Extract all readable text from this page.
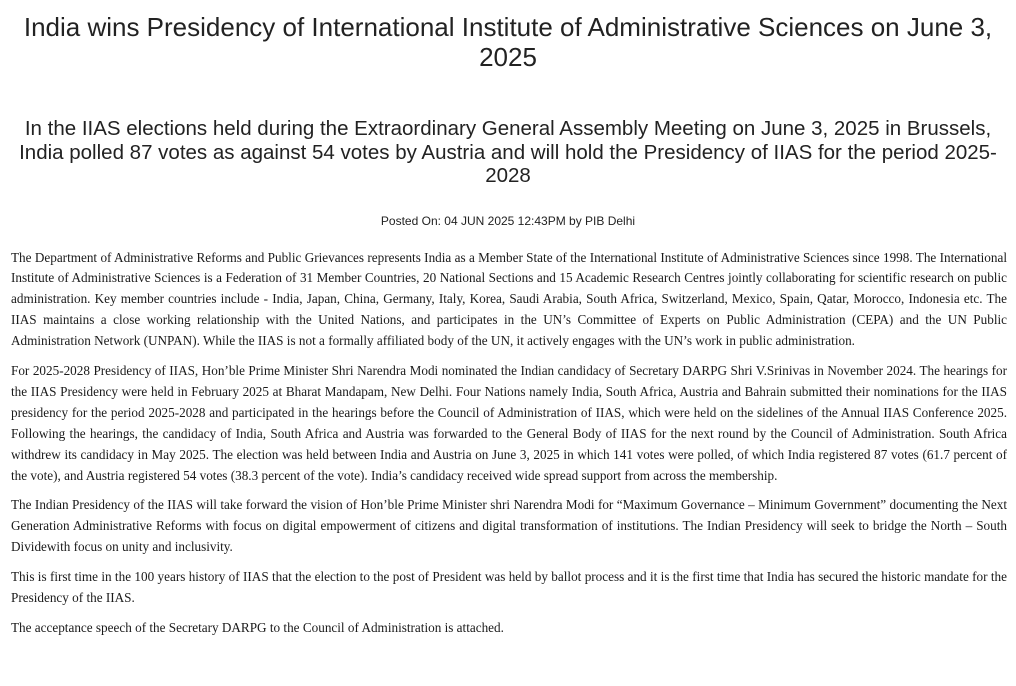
India wins Presidency of International Institute of Administrative Sciences on June 3, 2025
In the IIAS elections held during the Extraordinary General Assembly Meeting on June 3, 2025 in Brussels, India polled 87 votes as against 54 votes by Austria and will hold the Presidency of IIAS for the period 2025-2028
Posted On: 04 JUN 2025 12:43PM by PIB Delhi

The Department of Administrative Reforms and Public Grievances represents India as a Member State of the International Institute of Administrative Sciences since 1998. The International Institute of Administrative Sciences is a Federation of 31 Member Countries, 20 National Sections and 15 Academic Research Centres jointly collaborating for scientific research on public administration. Key member countries include - India, Japan, China, Germany, Italy, Korea, Saudi Arabia, South Africa, Switzerland, Mexico, Spain, Qatar, Morocco, Indonesia etc. The IIAS maintains a close working relationship with the United Nations, and participates in the UN’s Committee of Experts on Public Administration (CEPA) and the UN Public Administration Network (UNPAN). While the IIAS is not a formally affiliated body of the UN, it actively engages with the UN’s work in public administration.

For 2025-2028 Presidency of IIAS, Hon’ble Prime Minister Shri Narendra Modi nominated the Indian candidacy of Secretary DARPG Shri V.Srinivas in November 2024. The hearings for the IIAS Presidency were held in February 2025 at Bharat Mandapam, New Delhi. Four Nations namely India, South Africa, Austria and Bahrain submitted their nominations for the IIAS presidency for the period 2025-2028 and participated in the hearings before the Council of Administration of IIAS, which were held on the sidelines of the Annual IIAS Conference 2025. Following the hearings, the candidacy of India, South Africa and Austria was forwarded to the General Body of IIAS for the next round by the Council of Administration. South Africa withdrew its candidacy in May 2025. The election was held between India and Austria on June 3, 2025 in which 141 votes were polled, of which India registered 87 votes (61.7 percent of the vote), and Austria registered 54 votes (38.3 percent of the vote). India’s candidacy received wide spread support from across the membership.

The Indian Presidency of the IIAS will take forward the vision of Hon’ble Prime Minister shri Narendra Modi for “Maximum Governance – Minimum Government” documenting the Next Generation Administrative Reforms with focus on digital empowerment of citizens and digital transformation of institutions. The Indian Presidency will seek to bridge the North – South Dividewith focus on unity and inclusivity.

This is first time in the 100 years history of IIAS that the election to the post of President was held by ballot process and it is the first time that India has secured the historic mandate for the Presidency of the IIAS.

The acceptance speech of the Secretary DARPG to the Council of Administration is attached.
